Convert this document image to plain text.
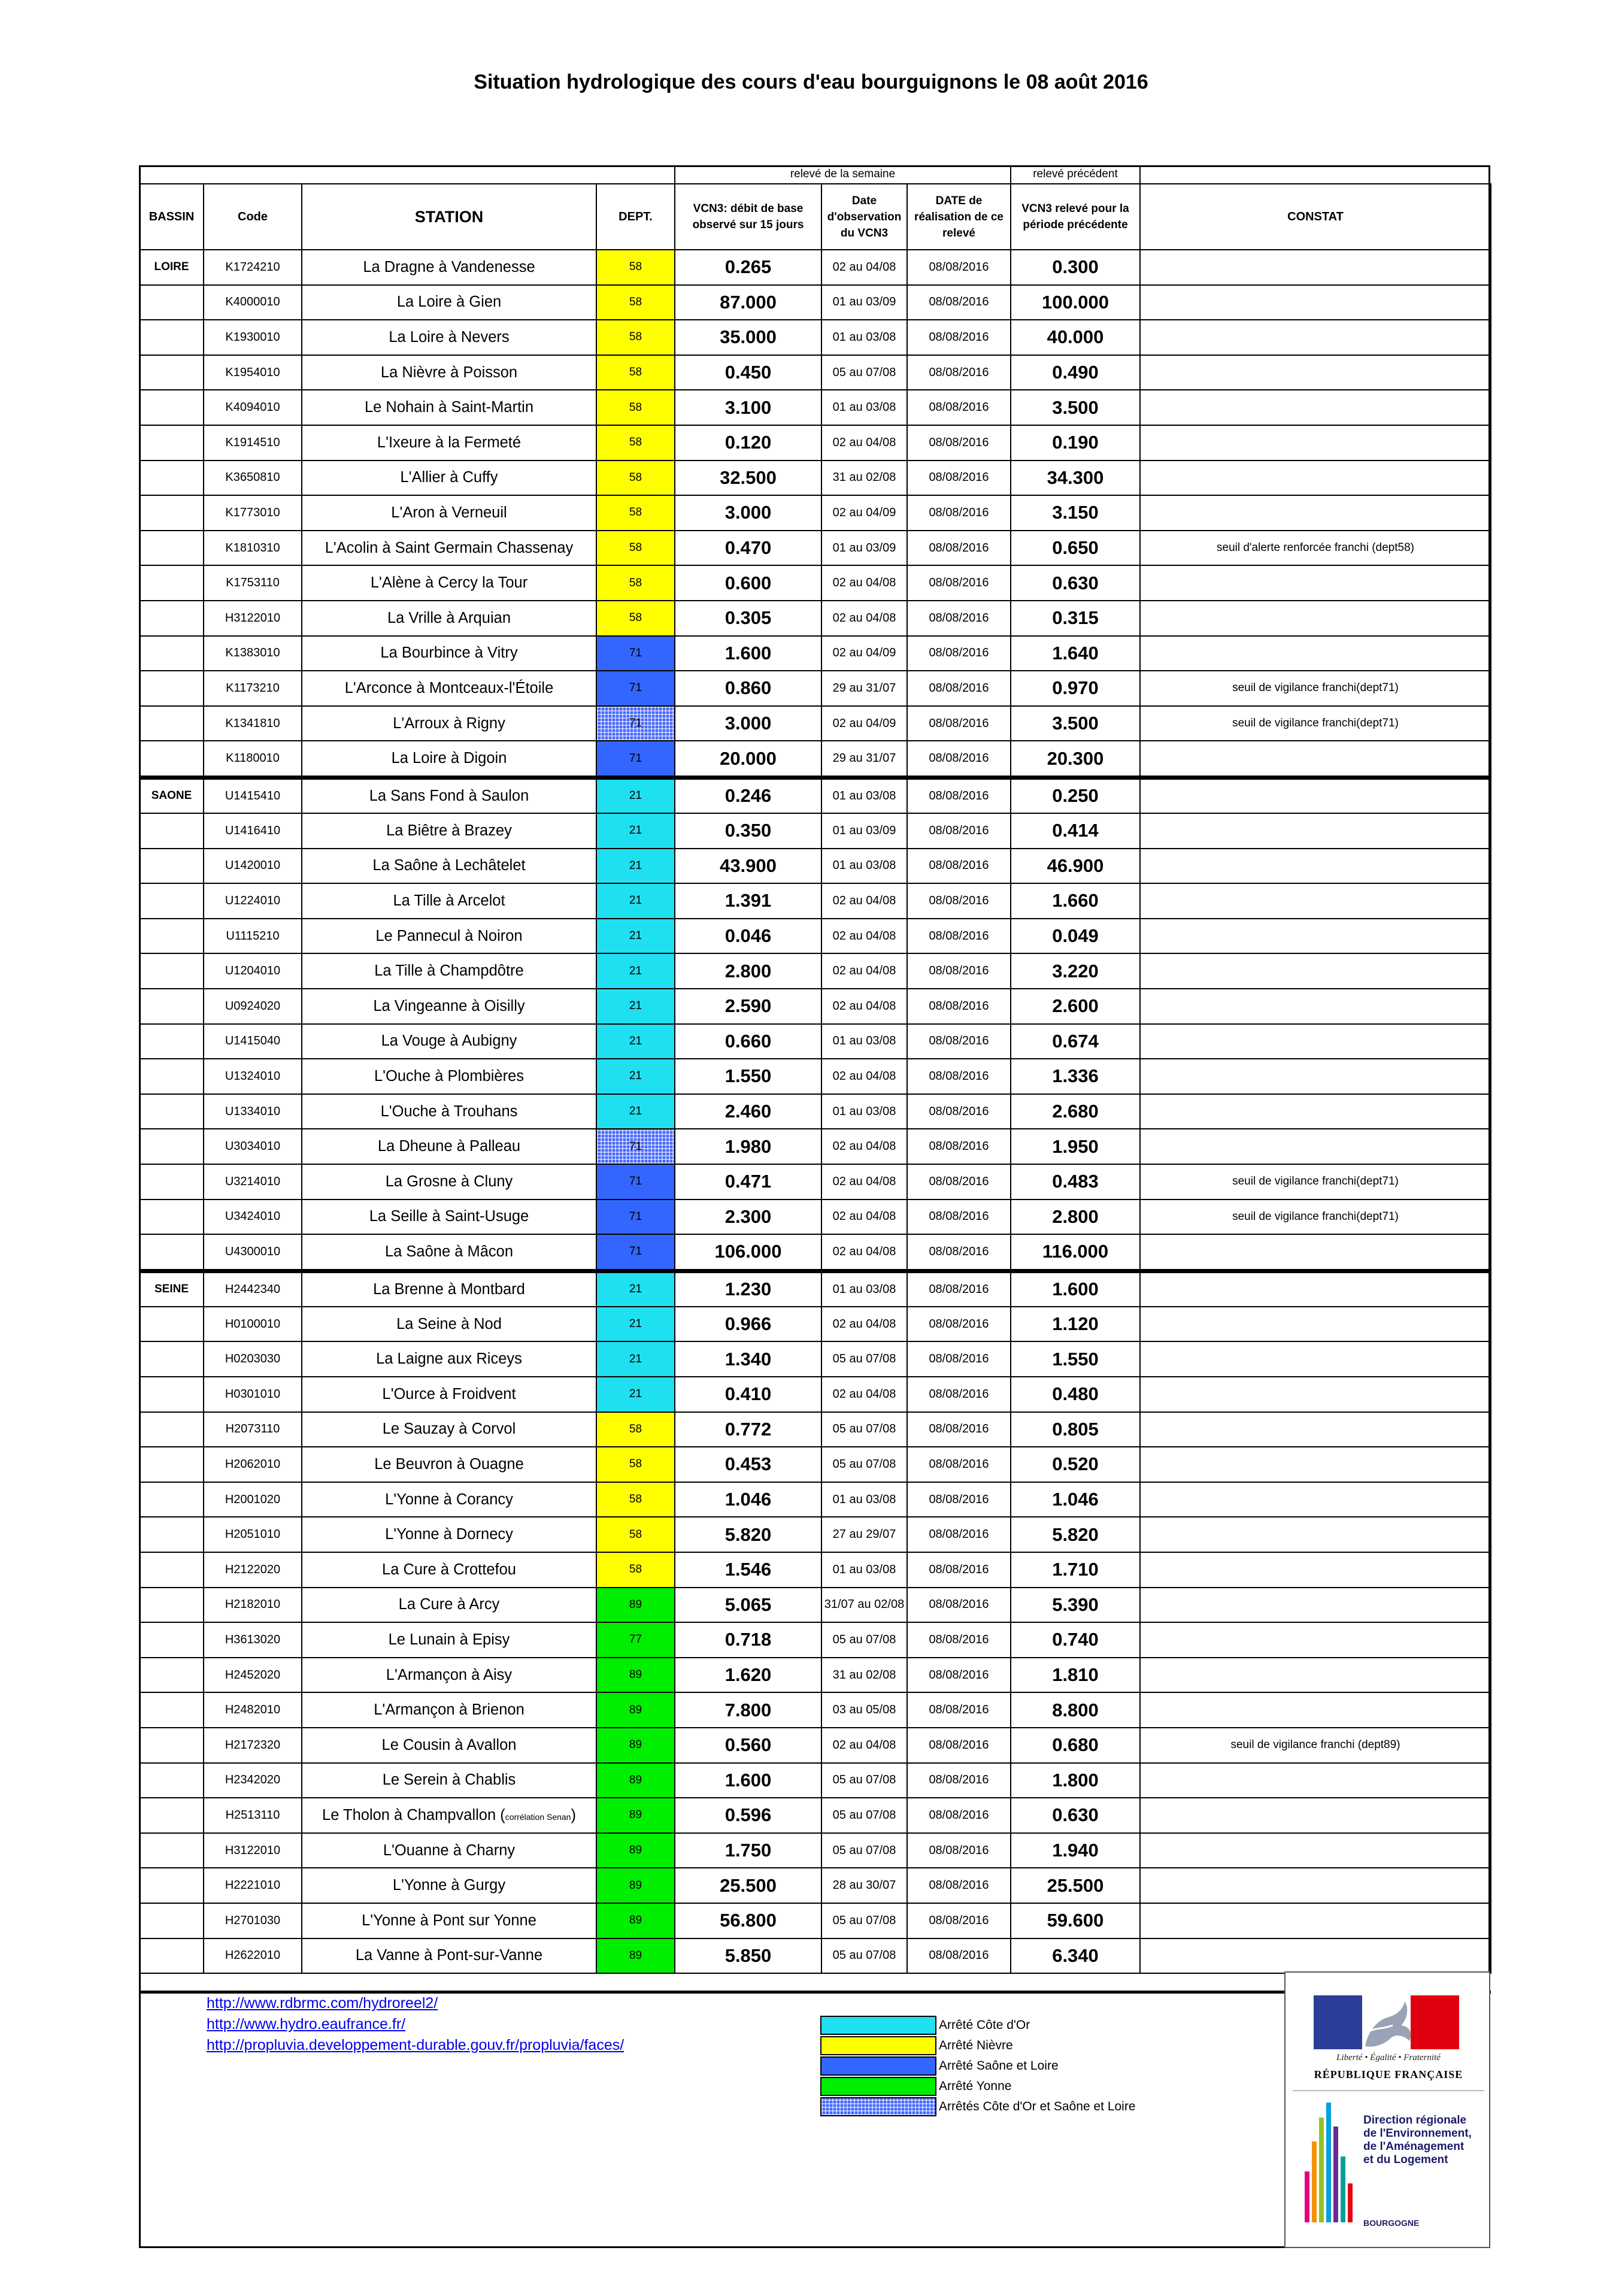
Situation hydrologique des cours d'eau bourguignons le 08 août 2016
				relevé de la semaine			relevé précédent	
BASSIN	Code	STATION	DEPT.	VCN3: débit de base observé sur 15 jours	Date d'observation du VCN3	DATE de réalisation de ce relevé	VCN3 relevé pour la période précédente	CONSTAT
LOIRE	K1724210	La Dragne à Vandenesse	58	0.265	02 au 04/08	08/08/2016	0.300	
	K4000010	La Loire à Gien	58	87.000	01 au 03/09	08/08/2016	100.000	
	K1930010	La Loire à Nevers	58	35.000	01 au 03/08	08/08/2016	40.000	
	K1954010	La Nièvre à Poisson	58	0.450	05 au 07/08	08/08/2016	0.490	
	K4094010	Le Nohain à Saint-Martin	58	3.100	01 au 03/08	08/08/2016	3.500	
	K1914510	L'Ixeure à la Fermeté	58	0.120	02 au 04/08	08/08/2016	0.190	
	K3650810	L'Allier à Cuffy	58	32.500	31 au 02/08	08/08/2016	34.300	
	K1773010	L'Aron à Verneuil	58	3.000	02 au 04/09	08/08/2016	3.150	
	K1810310	L'Acolin à Saint Germain Chassenay	58	0.470	01 au 03/09	08/08/2016	0.650	seuil d'alerte renforcée franchi (dept58)
	K1753110	L'Alène à Cercy la Tour	58	0.600	02 au 04/08	08/08/2016	0.630	
	H3122010	La Vrille à Arquian	58	0.305	02 au 04/08	08/08/2016	0.315	
	K1383010	La Bourbince à Vitry	71	1.600	02 au 04/09	08/08/2016	1.640	
	K1173210	L'Arconce à Montceaux-l'Étoile	71	0.860	29 au 31/07	08/08/2016	0.970	seuil de vigilance franchi(dept71)
	K1341810	L'Arroux à Rigny	71	3.000	02 au 04/09	08/08/2016	3.500	seuil de vigilance franchi(dept71)
	K1180010	La Loire à Digoin	71	20.000	29 au 31/07	08/08/2016	20.300	

SAONE	U1415410	La Sans Fond à Saulon	21	0.246	01 au 03/08	08/08/2016	0.250	
	U1416410	La Biêtre à Brazey	21	0.350	01 au 03/09	08/08/2016	0.414	
	U1420010	La Saône à Lechâtelet	21	43.900	01 au 03/08	08/08/2016	46.900	
	U1224010	La Tille à Arcelot	21	1.391	02 au 04/08	08/08/2016	1.660	
	U1115210	Le Pannecul à Noiron	21	0.046	02 au 04/08	08/08/2016	0.049	
	U1204010	La Tille à Champdôtre	21	2.800	02 au 04/08	08/08/2016	3.220	
	U0924020	La Vingeanne à Oisilly	21	2.590	02 au 04/08	08/08/2016	2.600	
	U1415040	La Vouge à Aubigny	21	0.660	01 au 03/08	08/08/2016	0.674	
	U1324010	L'Ouche à Plombières	21	1.550	02 au 04/08	08/08/2016	1.336	
	U1334010	L'Ouche à Trouhans	21	2.460	01 au 03/08	08/08/2016	2.680	
	U3034010	La Dheune à Palleau	71	1.980	02 au 04/08	08/08/2016	1.950	
	U3214010	La Grosne à Cluny	71	0.471	02 au 04/08	08/08/2016	0.483	seuil de vigilance franchi(dept71)
	U3424010	La Seille à Saint-Usuge	71	2.300	02 au 04/08	08/08/2016	2.800	seuil de vigilance franchi(dept71)
	U4300010	La Saône à Mâcon	71	106.000	02 au 04/08	08/08/2016	116.000	

SEINE	H2442340	La Brenne à Montbard	21	1.230	01 au 03/08	08/08/2016	1.600	
	H0100010	La Seine à Nod	21	0.966	02 au 04/08	08/08/2016	1.120	
	H0203030	La Laigne aux Riceys	21	1.340	05 au 07/08	08/08/2016	1.550	
	H0301010	L'Ource à Froidvent	21	0.410	02 au 04/08	08/08/2016	0.480	
	H2073110	Le Sauzay à Corvol	58	0.772	05 au 07/08	08/08/2016	0.805	
	H2062010	Le Beuvron à Ouagne	58	0.453	05 au 07/08	08/08/2016	0.520	
	H2001020	L'Yonne à Corancy	58	1.046	01 au 03/08	08/08/2016	1.046	
	H2051010	L'Yonne à Dornecy	58	5.820	27 au 29/07	08/08/2016	5.820	
	H2122020	La Cure à Crottefou	58	1.546	01 au 03/08	08/08/2016	1.710	
	H2182010	La Cure à Arcy	89	5.065	31/07 au 02/08	08/08/2016	5.390	
	H3613020	Le Lunain à Episy	77	0.718	05 au 07/08	08/08/2016	0.740	
	H2452020	L'Armançon à Aisy	89	1.620	31 au 02/08	08/08/2016	1.810	
	H2482010	L'Armançon à Brienon	89	7.800	03 au 05/08	08/08/2016	8.800	
	H2172320	Le Cousin à Avallon	89	0.560	02 au 04/08	08/08/2016	0.680	seuil de vigilance franchi (dept89)
	H2342020	Le Serein à Chablis	89	1.600	05 au 07/08	08/08/2016	1.800	
	H2513110	Le Tholon à Champvallon (corrélation Senan)	89	0.596	05 au 07/08	08/08/2016	0.630	
	H3122010	L'Ouanne à Charny	89	1.750	05 au 07/08	08/08/2016	1.940	
	H2221010	L'Yonne à Gurgy	89	25.500	28 au 30/07	08/08/2016	25.500	
	H2701030	L'Yonne à Pont sur Yonne	89	56.800	05 au 07/08	08/08/2016	59.600	
	H2622010	La Vanne à Pont-sur-Vanne	89	5.850	05 au 07/08	08/08/2016	6.340	

http://www.rdbrmc.com/hydroreel2/
http://www.hydro.eaufrance.fr/
http://propluvia.developpement-durable.gouv.fr/propluvia/faces/
Arrêté Côte d'Or
Arrêté Nièvre
Arrêté Saône et Loire
Arrêté Yonne
Arrêtés Côte d'Or et Saône et Loire
Liberté • Égalité • Fraternité
RÉPUBLIQUE FRANÇAISE
Direction régionale
de l'Environnement,
de l'Aménagement
et du Logement
BOURGOGNE
